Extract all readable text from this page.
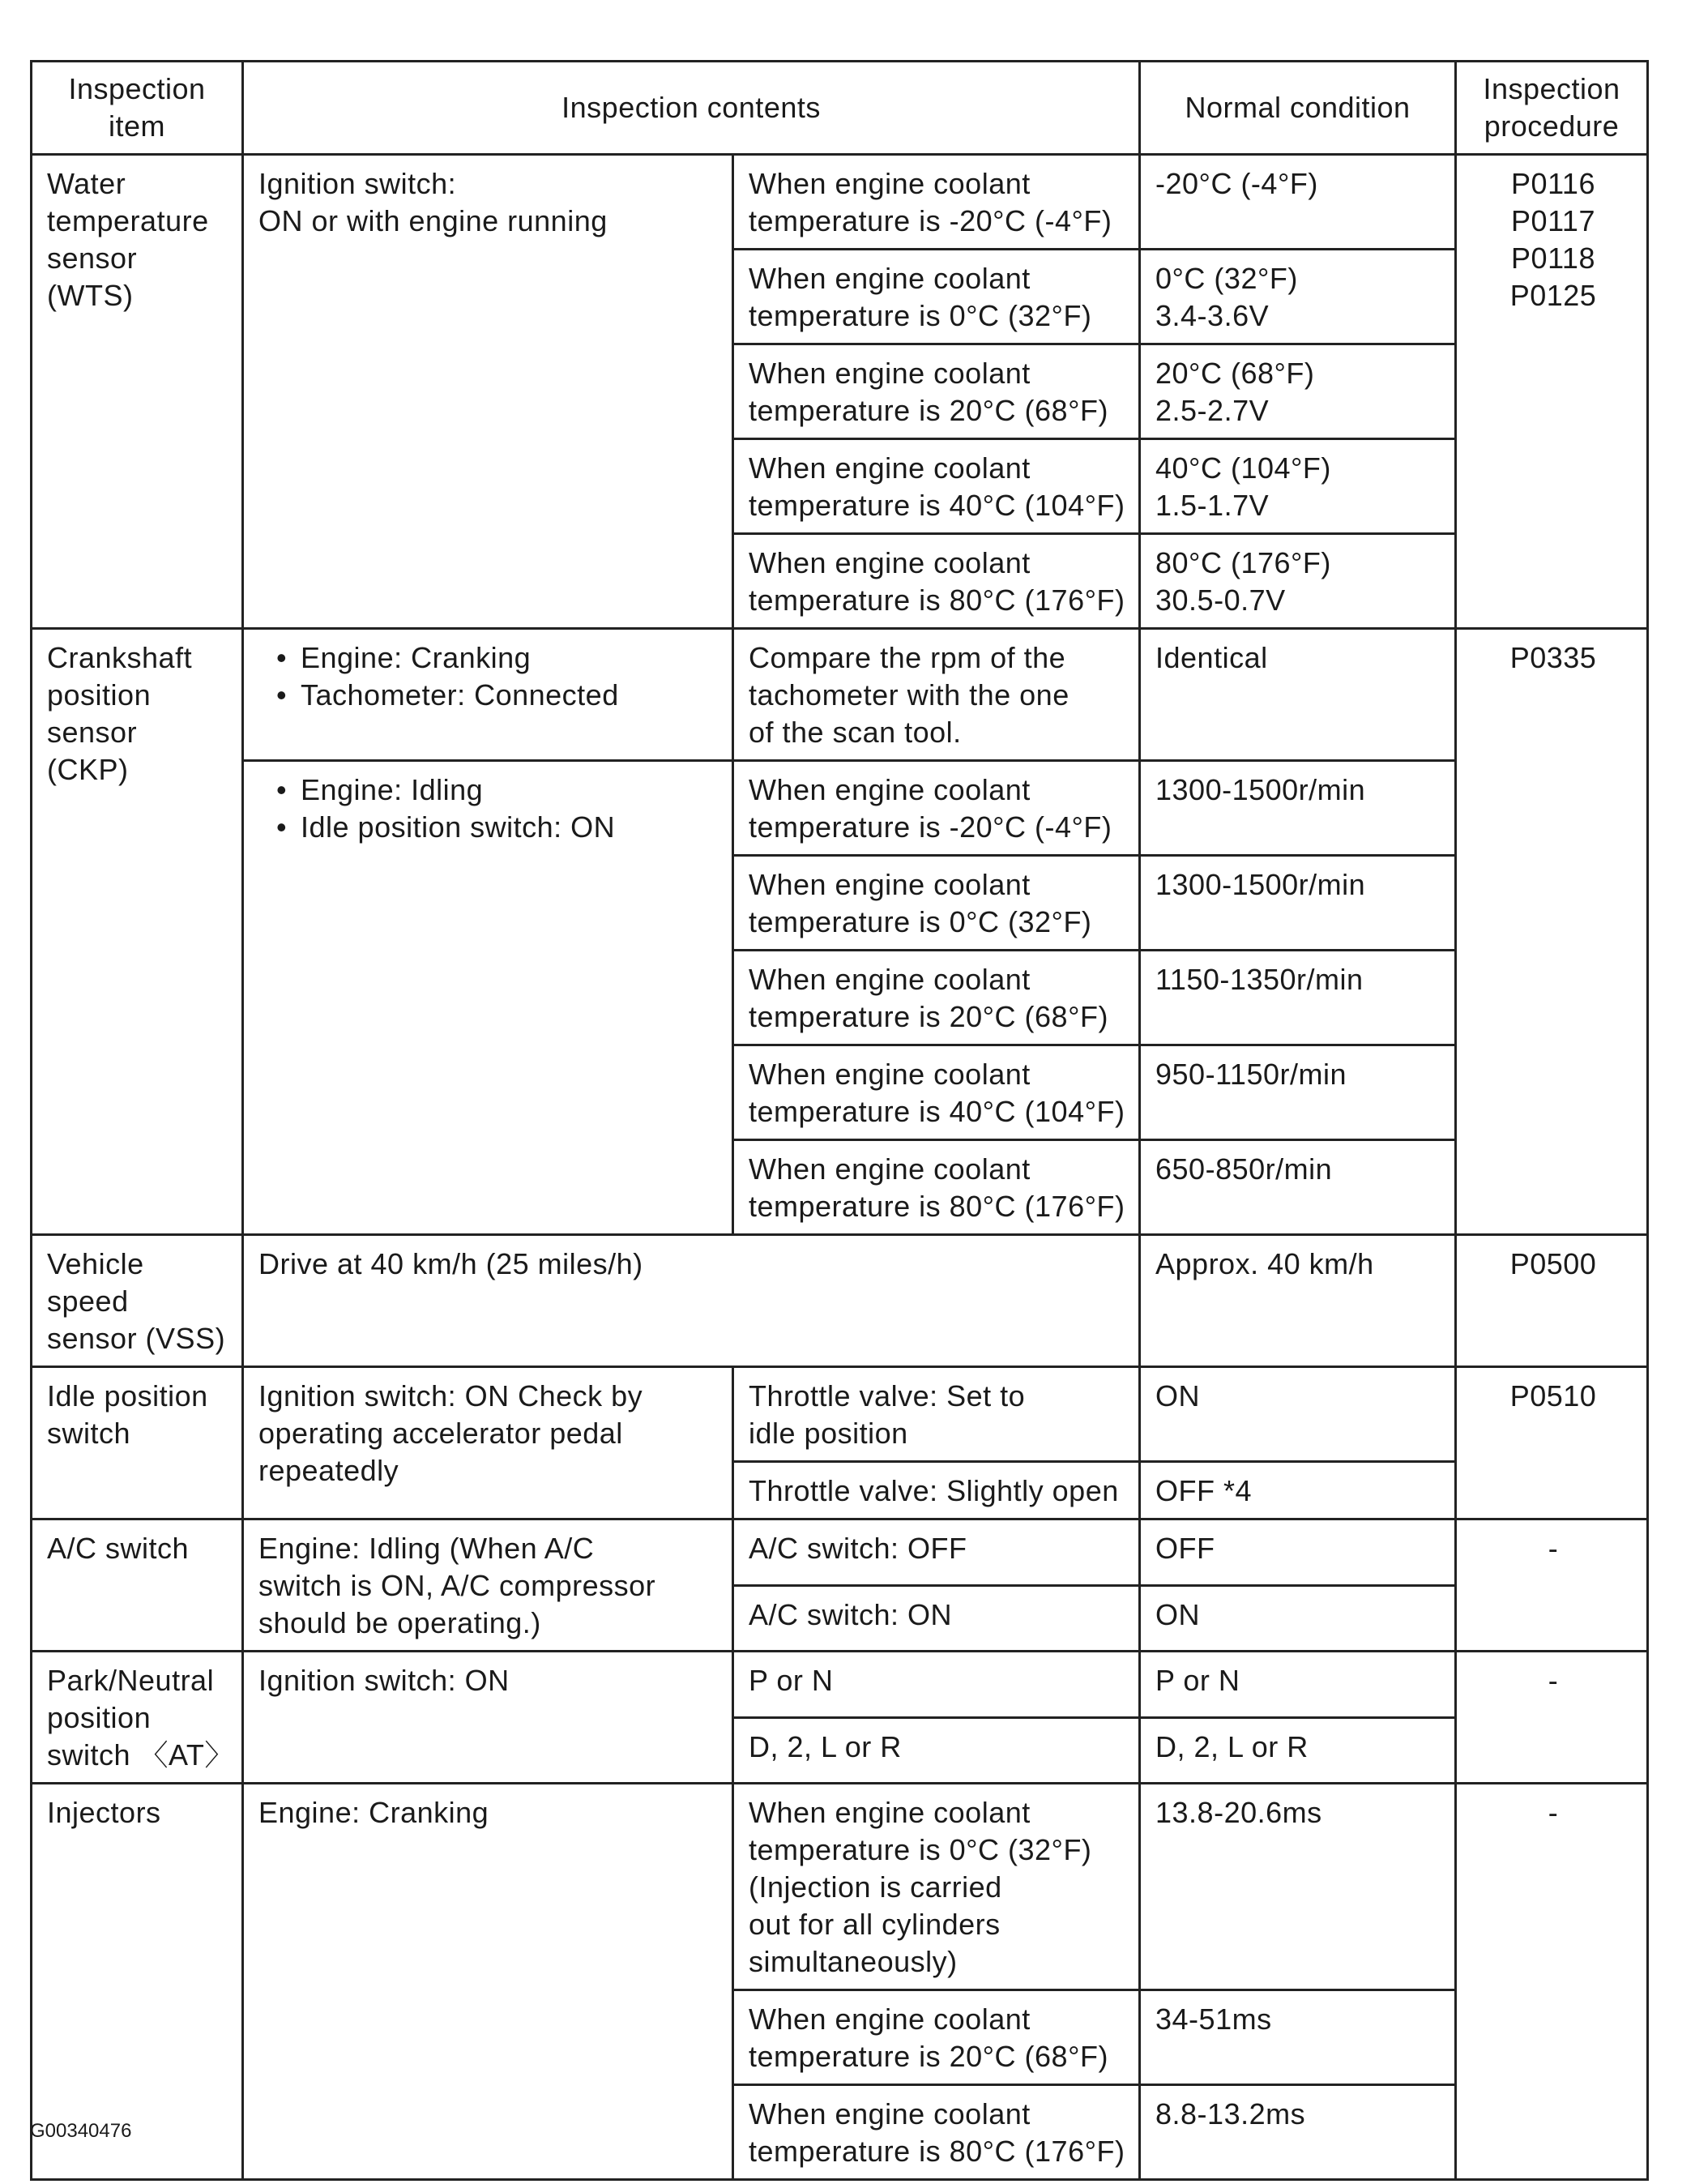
Inspection
item	Inspection contents		Normal condition	Inspection
procedure

Water
temperature
sensor
(WTS)	Ignition switch:
ON or with engine running	When engine coolant
temperature is -20°C (-4°F)	-20°C (-4°F)	P0116
P0117
P0118
P0125

		When engine coolant
temperature is 0°C (32°F)	0°C (32°F)
3.4-3.6V	

		When engine coolant
temperature is 20°C (68°F)	20°C (68°F)
2.5-2.7V	

		When engine coolant
temperature is 40°C (104°F)	40°C (104°F)
1.5-1.7V	

		When engine coolant
temperature is 80°C (176°F)	80°C (176°F)
30.5-0.7V	

Crankshaft
position
sensor
(CKP)	• Engine: Cranking
• Tachometer: Connected	Compare the rpm of the
tachometer with the one
of the scan tool.	Identical	P0335

	• Engine: Idling
• Idle position switch: ON	When engine coolant
temperature is -20°C (-4°F)	1300-1500r/min	

		When engine coolant
temperature is 0°C (32°F)	1300-1500r/min	

		When engine coolant
temperature is 20°C (68°F)	1150-1350r/min	

		When engine coolant
temperature is 40°C (104°F)	950-1150r/min	

		When engine coolant
temperature is 80°C (176°F)	650-850r/min	

Vehicle
speed
sensor (VSS)	Drive at 40 km/h (25 miles/h)		Approx. 40 km/h	P0500

Idle position
switch	Ignition switch: ON Check by
operating accelerator pedal
repeatedly	Throttle valve: Set to
idle position	ON	P0510

		Throttle valve: Slightly open	OFF *4	

A/C switch	Engine: Idling (When A/C
switch is ON, A/C compressor
should be operating.)	A/C switch: OFF	OFF	-
		A/C switch: ON	ON	

Park/Neutral
position
switch 〈AT〉	Ignition switch: ON	P or N	P or N	-
		D, 2, L or R	D, 2, L or R	

Injectors	Engine: Cranking	When engine coolant
temperature is 0°C (32°F)
(Injection is carried
out for all cylinders
simultaneously)	13.8-20.6ms	-

		When engine coolant
temperature is 20°C (68°F)	34-51ms	

		When engine coolant
temperature is 80°C (176°F)	8.8-13.2ms	
G00340476
